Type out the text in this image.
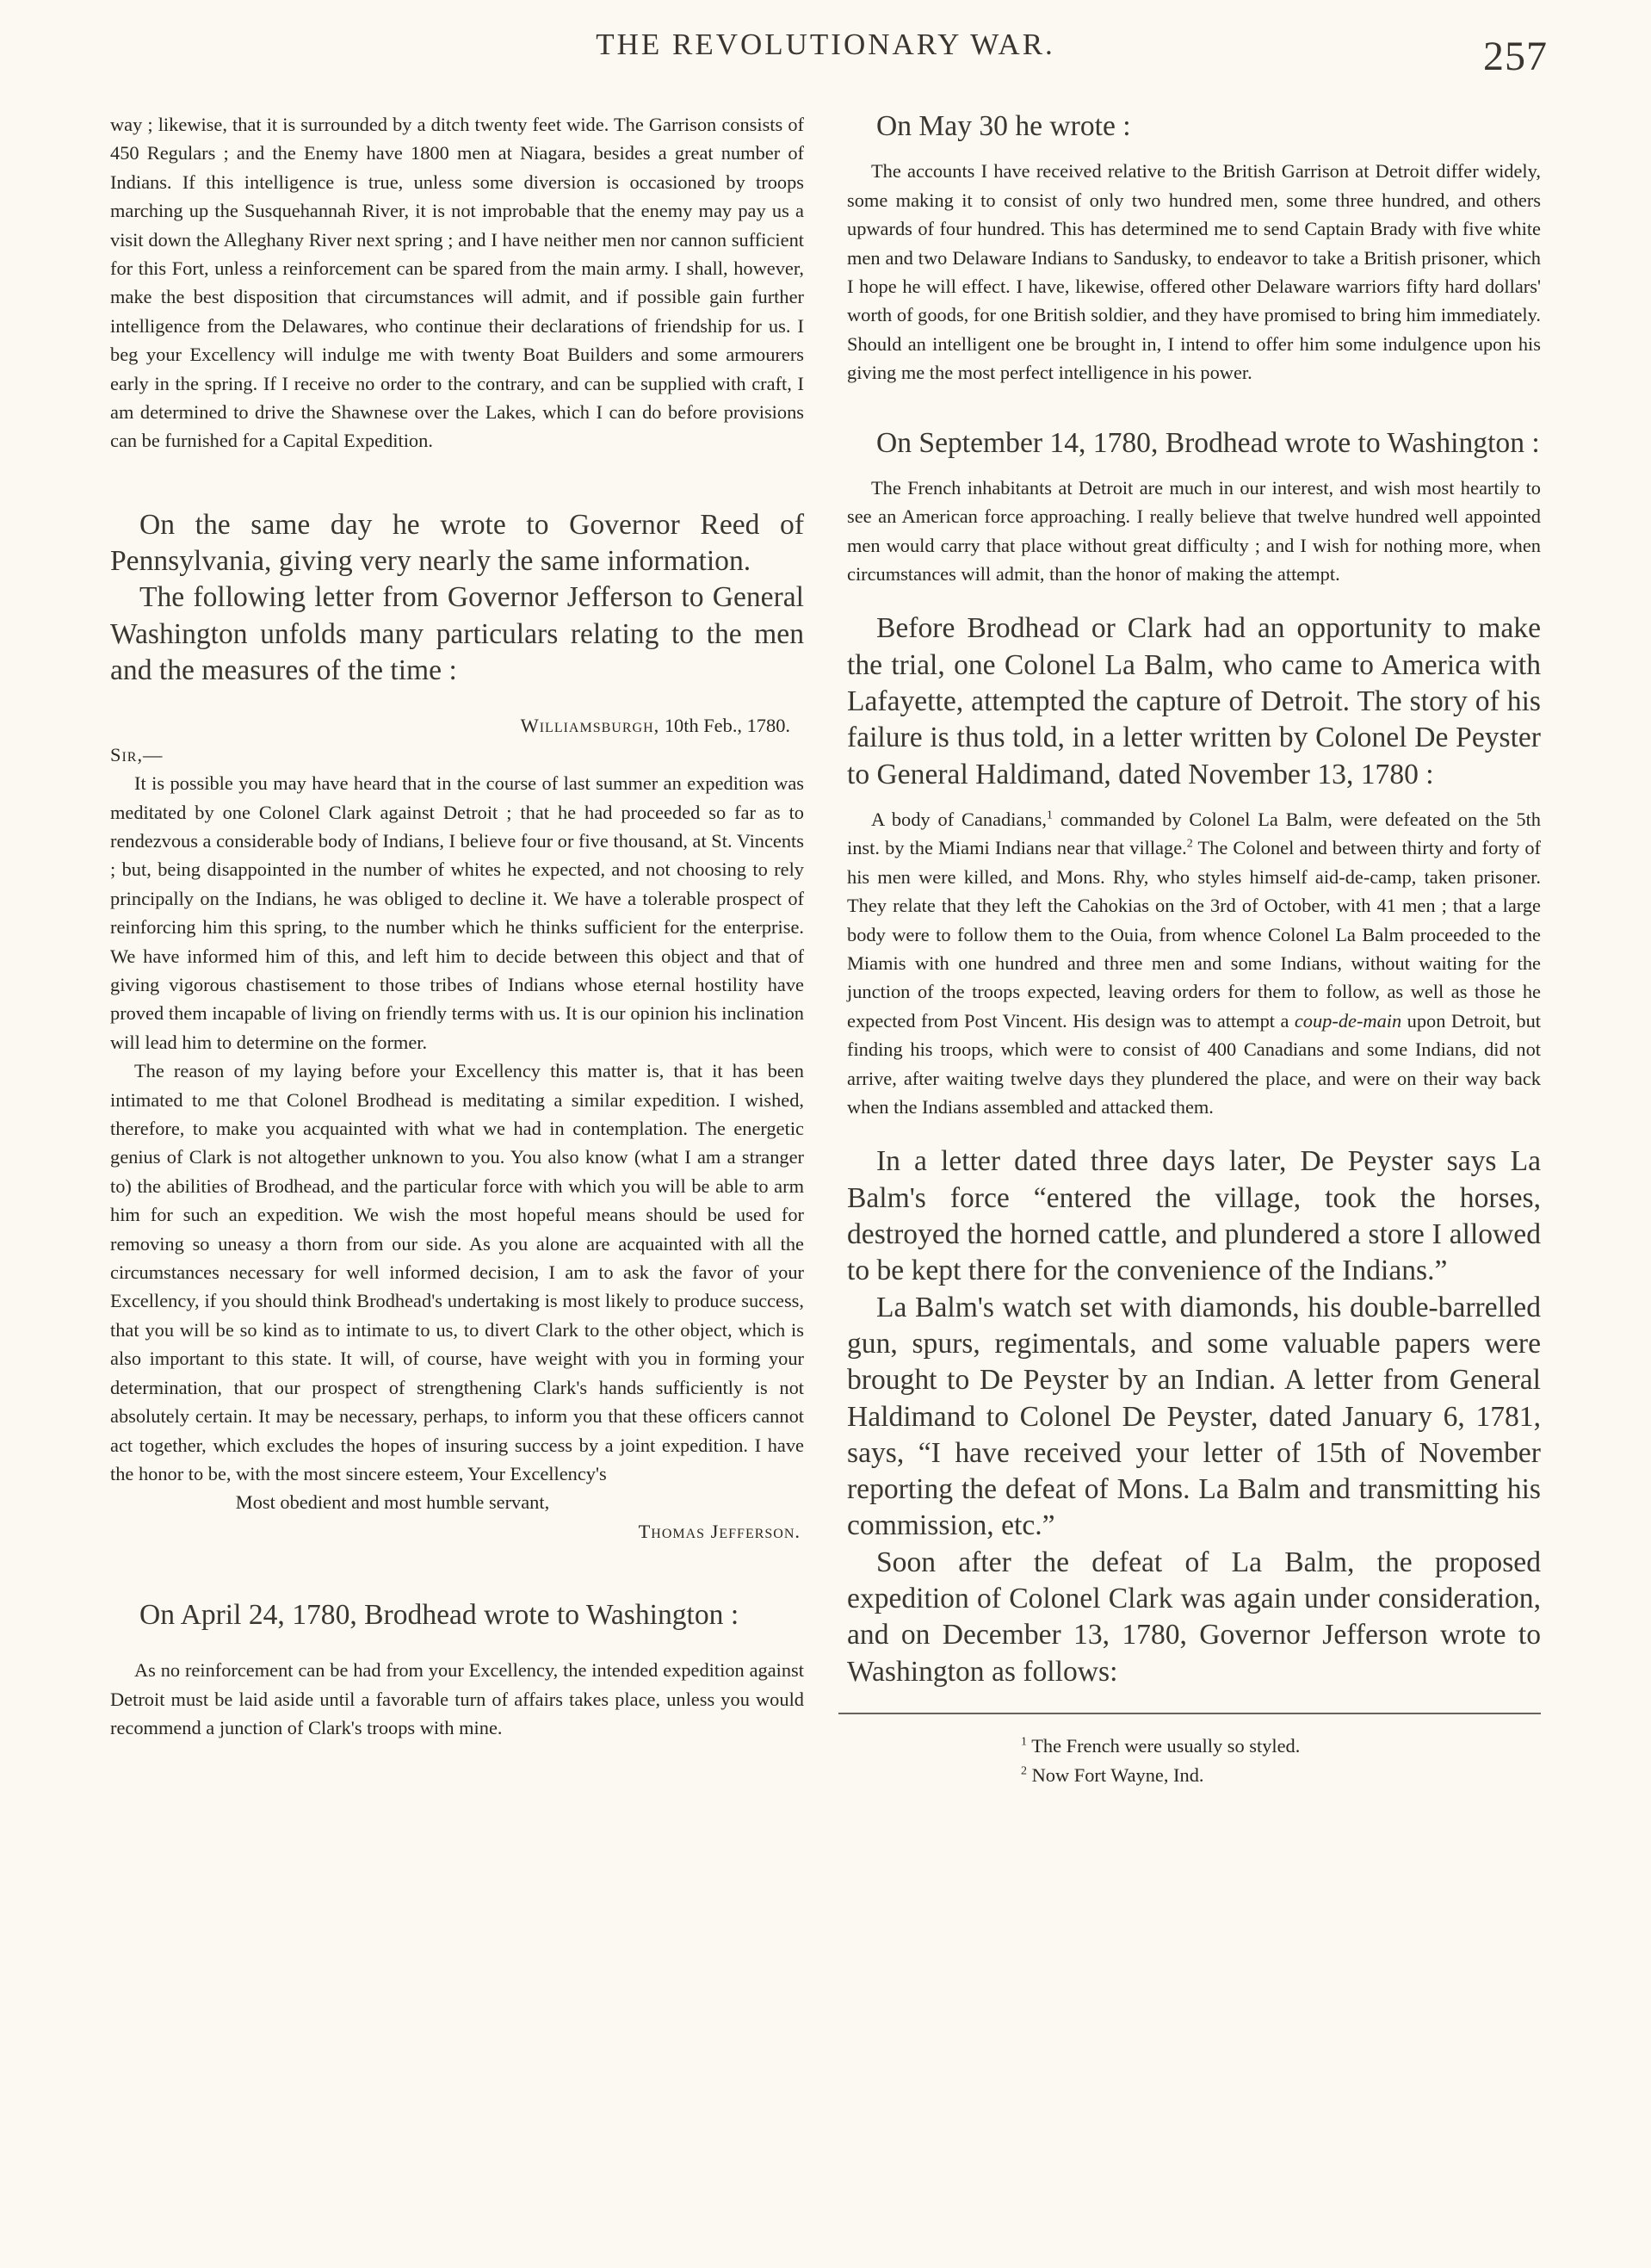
THE REVOLUTIONARY WAR.	257

way ; likewise, that it is surrounded by a ditch twenty feet wide. The Garrison consists of 450 Regulars ; and the Enemy have 1800 men at Niagara, besides a great number of Indians. If this intelligence is true, unless some diversion is occasioned by troops marching up the Susquehannah River, it is not improbable that the enemy may pay us a visit down the Alleghany River next spring ; and I have neither men nor cannon sufficient for this Fort, unless a reinforcement can be spared from the main army. I shall, however, make the best disposition that circumstances will admit, and if possible gain further intelligence from the Delawares, who continue their declarations of friendship for us. I beg your Excellency will indulge me with twenty Boat Builders and some armourers early in the spring. If I receive no order to the contrary, and can be supplied with craft, I am determined to drive the Shawnese over the Lakes, which I can do before provisions can be furnished for a Capital Expedition.

On the same day he wrote to Governor Reed of Pennsylvania, giving very nearly the same information.

The following letter from Governor Jefferson to General Washington unfolds many particulars relating to the men and the measures of the time :

Williamsburgh, 10th Feb., 1780.

Sir,—

It is possible you may have heard that in the course of last summer an expedition was meditated by one Colonel Clark against Detroit ; that he had proceeded so far as to rendezvous a considerable body of Indians, I believe four or five thousand, at St. Vincents ; but, being disappointed in the number of whites he expected, and not choosing to rely principally on the Indians, he was obliged to decline it. We have a tolerable prospect of reinforcing him this spring, to the number which he thinks sufficient for the enterprise. We have informed him of this, and left him to decide between this object and that of giving vigorous chastisement to those tribes of Indians whose eternal hostility have proved them incapable of living on friendly terms with us. It is our opinion his inclination will lead him to determine on the former.

The reason of my laying before your Excellency this matter is, that it has been intimated to me that Colonel Brodhead is meditating a similar expedition. I wished, therefore, to make you acquainted with what we had in contemplation. The energetic genius of Clark is not altogether unknown to you. You also know (what I am a stranger to) the abilities of Brodhead, and the particular force with which you will be able to arm him for such an expedition. We wish the most hopeful means should be used for removing so uneasy a thorn from our side. As you alone are acquainted with all the circumstances necessary for well informed decision, I am to ask the favor of your Excellency, if you should think Brodhead's undertaking is most likely to produce success, that you will be so kind as to intimate to us, to divert Clark to the other object, which is also important to this state. It will, of course, have weight with you in forming your determination, that our prospect of strengthening Clark's hands sufficiently is not absolutely certain. It may be necessary, perhaps, to inform you that these officers cannot act together, which excludes the hopes of insuring success by a joint expedition. I have the honor to be, with the most sincere esteem, Your Excellency's

Most obedient and most humble servant,

Thomas Jefferson.

On April 24, 1780, Brodhead wrote to Washington :

As no reinforcement can be had from your Excellency, the intended expedition against Detroit must be laid aside until a favorable turn of affairs takes place, unless you would recommend a junction of Clark's troops with mine.

On May 30 he wrote :

The accounts I have received relative to the British Garrison at Detroit differ widely, some making it to consist of only two hundred men, some three hundred, and others upwards of four hundred. This has determined me to send Captain Brady with five white men and two Delaware Indians to Sandusky, to endeavor to take a British prisoner, which I hope he will effect. I have, likewise, offered other Delaware warriors fifty hard dollars' worth of goods, for one British soldier, and they have promised to bring him immediately. Should an intelligent one be brought in, I intend to offer him some indulgence upon his giving me the most perfect intelligence in his power.

On September 14, 1780, Brodhead wrote to Washington :

The French inhabitants at Detroit are much in our interest, and wish most heartily to see an American force approaching. I really believe that twelve hundred well appointed men would carry that place without great difficulty ; and I wish for nothing more, when circumstances will admit, than the honor of making the attempt.

Before Brodhead or Clark had an opportunity to make the trial, one Colonel La Balm, who came to America with Lafayette, attempted the capture of Detroit. The story of his failure is thus told, in a letter written by Colonel De Peyster to General Haldimand, dated November 13, 1780 :

A body of Canadians,$^1$ commanded by Colonel La Balm, were defeated on the 5th inst. by the Miami Indians near that village.$^2$ The Colonel and between thirty and forty of his men were killed, and Mons. Rhy, who styles himself aid-de-camp, taken prisoner. They relate that they left the Cahokias on the 3rd of October, with 41 men ; that a large body were to follow them to the Ouia, from whence Colonel La Balm proceeded to the Miamis with one hundred and three men and some Indians, without waiting for the junction of the troops expected, leaving orders for them to follow, as well as those he expected from Post Vincent. His design was to attempt a coup-de-main upon Detroit, but finding his troops, which were to consist of 400 Canadians and some Indians, did not arrive, after waiting twelve days they plundered the place, and were on their way back when the Indians assembled and attacked them.

In a letter dated three days later, De Peyster says La Balm's force “entered the village, took the horses, destroyed the horned cattle, and plundered a store I allowed to be kept there for the convenience of the Indians.”

La Balm's watch set with diamonds, his double-barrelled gun, spurs, regimentals, and some valuable papers were brought to De Peyster by an Indian. A letter from General Haldimand to Colonel De Peyster, dated January 6, 1781, says, “I have received your letter of 15th of November reporting the defeat of Mons. La Balm and transmitting his commission, etc.”

Soon after the defeat of La Balm, the proposed expedition of Colonel Clark was again under consideration, and on December 13, 1780, Governor Jefferson wrote to Washington as follows:

$^1$ The French were usually so styled.
$^2$ Now Fort Wayne, Ind.
